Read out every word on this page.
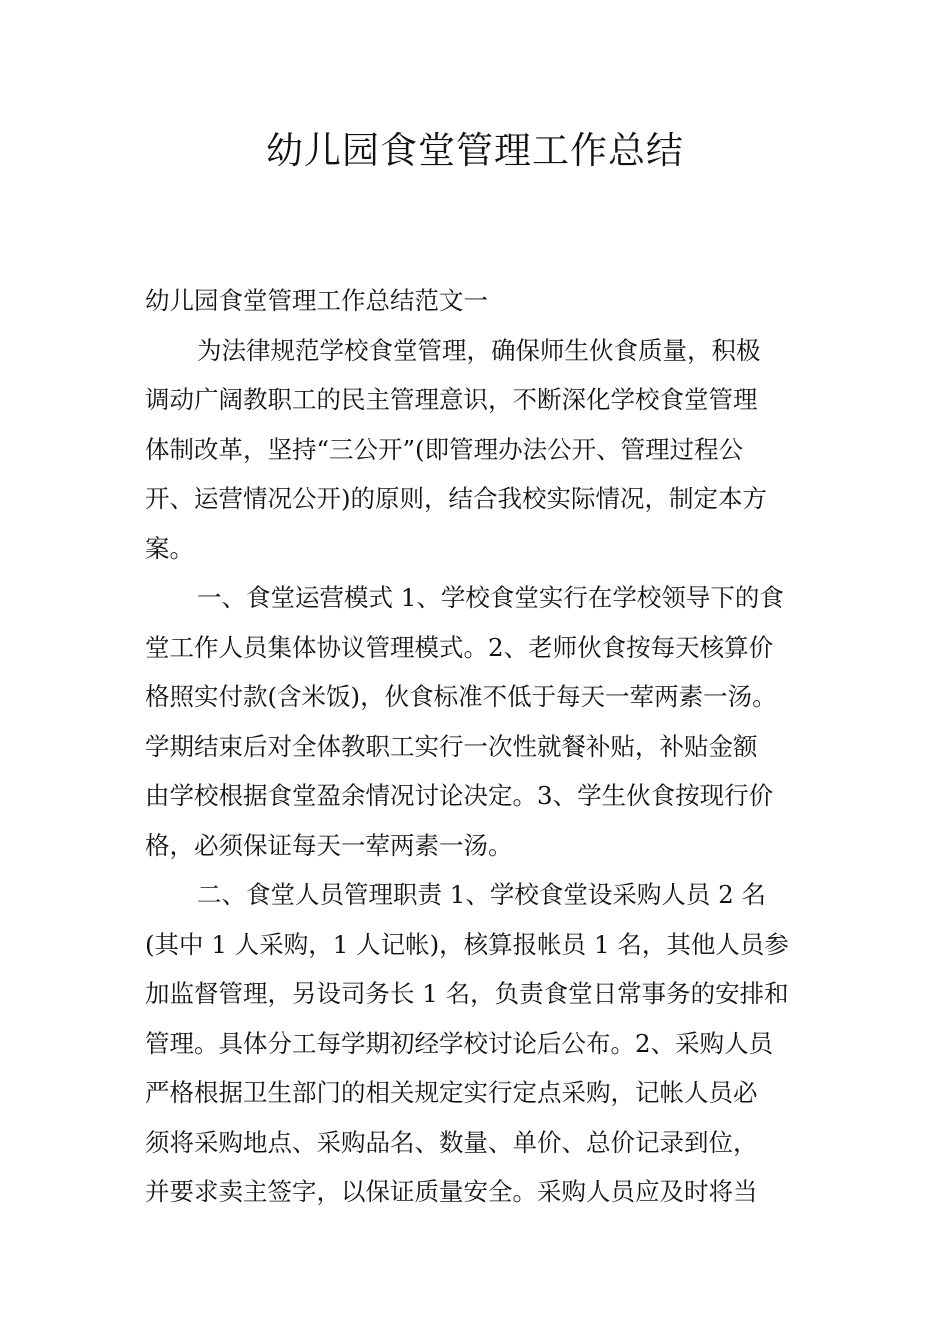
幼儿园食堂管理工作总结
幼儿园食堂管理工作总结范文一
为法律规范学校食堂管理，确保师生伙食质量，积极
调动广阔教职工的民主管理意识，不断深化学校食堂管理
体制改革，坚持“三公开”(即管理办法公开、管理过程公
开、运营情况公开)的原则，结合我校实际情况，制定本方
案。
一、食堂运营模式 1、学校食堂实行在学校领导下的食
堂工作人员集体协议管理模式。2、老师伙食按每天核算价
格照实付款(含米饭)，伙食标准不低于每天一荤两素一汤。
学期结束后对全体教职工实行一次性就餐补贴，补贴金额
由学校根据食堂盈余情况讨论决定。3、学生伙食按现行价
格，必须保证每天一荤两素一汤。
二、食堂人员管理职责 1、学校食堂设采购人员 2 名
(其中 1 人采购，1 人记帐)，核算报帐员 1 名，其他人员参
加监督管理，另设司务长 1 名，负责食堂日常事务的安排和
管理。具体分工每学期初经学校讨论后公布。2、采购人员
严格根据卫生部门的相关规定实行定点采购，记帐人员必
须将采购地点、采购品名、数量、单价、总价记录到位，
并要求卖主签字，以保证质量安全。采购人员应及时将当
